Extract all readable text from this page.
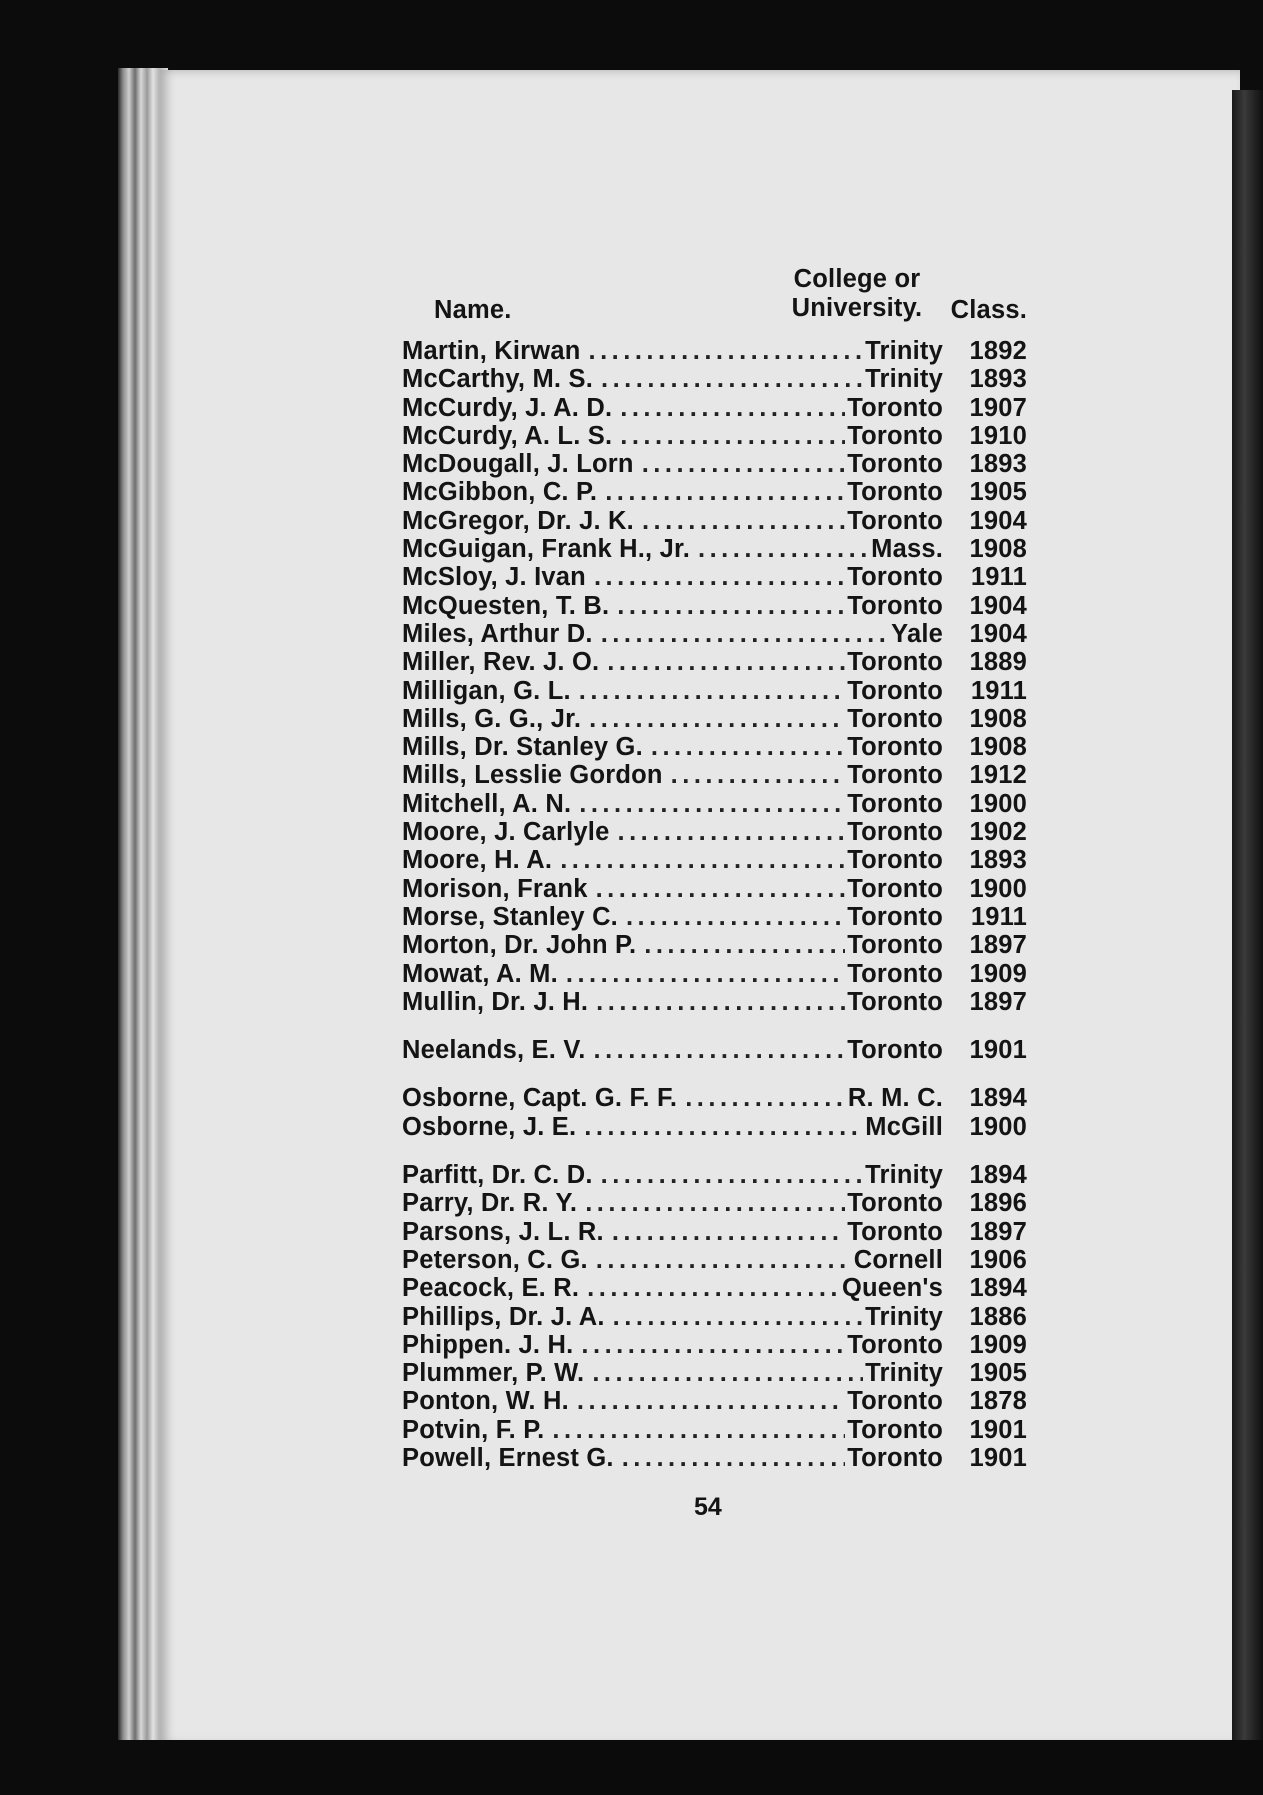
Name.
College or
University.	Class.
Martin, Kirwan .....	Trinity 1892
McCarthy, M. S. .....	Trinity 1893
McCurdy, J. A. D. .....	Toronto 1907
McCurdy, A. L. S. .....	Toronto 1910
McDougall, J. Lorn .....	Toronto 1893
McGibbon, C. P. .....	Toronto 1905
McGregor, Dr. J. K. .....	Toronto 1904
McGuigan, Frank H., Jr. .....	Mass. 1908
McSloy, J. Ivan .....	Toronto 1911
McQuesten, T. B. .....	Toronto 1904
Miles, Arthur D. .....	Yale 1904
Miller, Rev. J. O. .....	Toronto 1889
Milligan, G. L. .....	Toronto 1911
Mills, G. G., Jr. .....	Toronto 1908
Mills, Dr. Stanley G. .....	Toronto 1908
Mills, Lesslie Gordon .....	Toronto 1912
Mitchell, A. N. .....	Toronto 1900
Moore, J. Carlyle .....	Toronto 1902
Moore, H. A. .....	Toronto 1893
Morison, Frank .....	Toronto 1900
Morse, Stanley C. .....	Toronto 1911
Morton, Dr. John P. .....	Toronto 1897
Mowat, A. M. .....	Toronto 1909
Mullin, Dr. J. H. .....	Toronto 1897
Neelands, E. V. .....	Toronto 1901
Osborne, Capt. G. F. F. .....	R. M. C. 1894
Osborne, J. E. .....	McGill 1900
Parfitt, Dr. C. D. .....	Trinity 1894
Parry, Dr. R. Y. .....	Toronto 1896
Parsons, J. L. R. .....	Toronto 1897
Peterson, C. G. .....	Cornell 1906
Peacock, E. R. .....	Queen's 1894
Phillips, Dr. J. A. .....	Trinity 1886
Phippen. J. H. .....	Toronto 1909
Plummer, P. W. .....	Trinity 1905
Ponton, W. H. .....	Toronto 1878
Potvin, F. P. .....	Toronto 1901
Powell, Ernest G. .....	Toronto 1901
54
